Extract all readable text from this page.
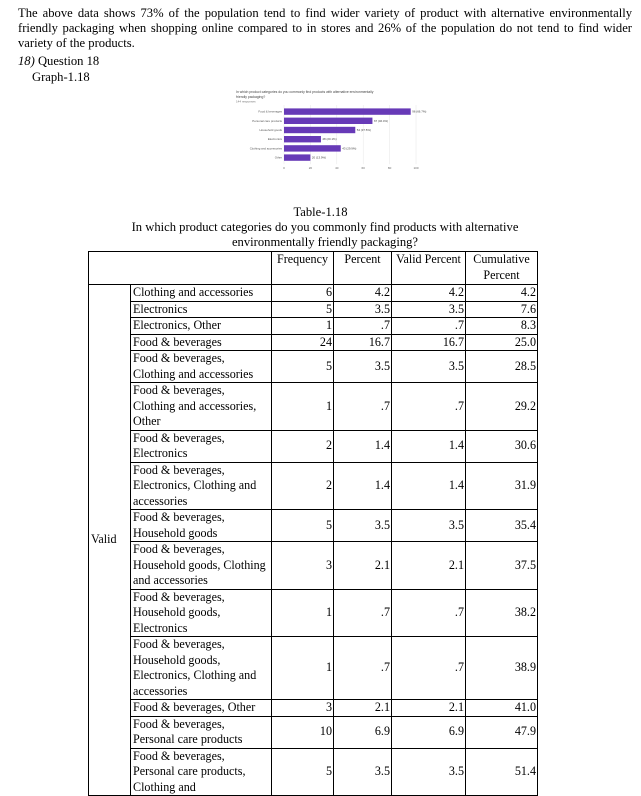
The above data shows 73% of the population tend to find wider variety of product with alternative environmentally friendly packaging when shopping online compared to in stores and 26% of the population do not tend to find wider variety of the products.
18) Question 18
Graph-1.18
In which product categories do you commonly find products with alternative environmentally
friendly packaging?
144 responses
0	20	40	60	80	100
Food & beverages	96 (66.7%)
Personal care products	67 (46.4%)
Household goods	54 (37.5%)
Electronics	28 (20.1%)
Clothing and accessories	43 (29.9%)
Other	20 (13.9%)
Table-1.18
In which product categories do you commonly find products with alternative environmentally friendly packaging?
		Frequency	Percent	Valid Percent	Cumulative Percent
Valid	Clothing and accessories	6	4.2	4.2	4.2
	Electronics	5	3.5	3.5	7.6
	Electronics, Other	1	.7	.7	8.3
	Food & beverages	24	16.7	16.7	25.0
	Food & beverages, Clothing and accessories	5	3.5	3.5	28.5
	Food & beverages, Clothing and accessories, Other	1	.7	.7	29.2
	Food & beverages, Electronics	2	1.4	1.4	30.6
	Food & beverages, Electronics, Clothing and accessories	2	1.4	1.4	31.9
	Food & beverages, Household goods	5	3.5	3.5	35.4
	Food & beverages, Household goods, Clothing and accessories	3	2.1	2.1	37.5
	Food & beverages, Household goods, Electronics	1	.7	.7	38.2
	Food & beverages, Household goods, Electronics, Clothing and accessories	1	.7	.7	38.9
	Food & beverages, Other	3	2.1	2.1	41.0
	Food & beverages, Personal care products	10	6.9	6.9	47.9
	Food & beverages, Personal care products, Clothing and	5	3.5	3.5	51.4
